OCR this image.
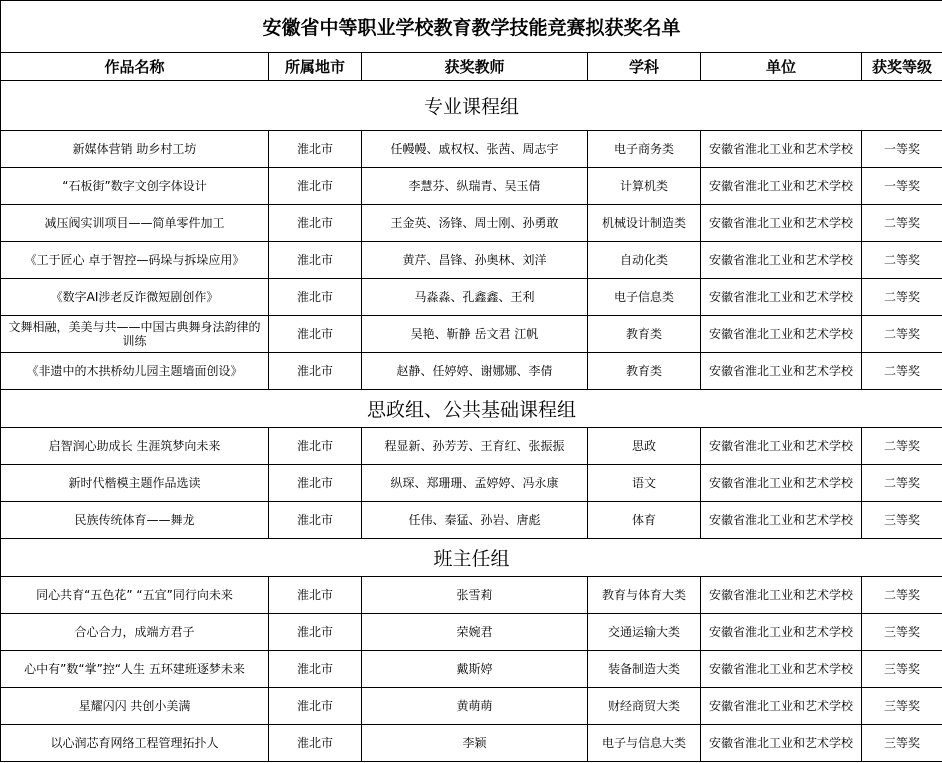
安徽省中等职业学校教育教学技能竞赛拟获奖名单					
作品名称	所属地市	获奖教师	学科	单位	获奖等级
专业课程组					
新媒体营销 助乡村工坊	淮北市	任幔幔、戚权权、张茜、周志宇	电子商务类	安徽省淮北工业和艺术学校	一等奖
“石板街”数字文创字体设计	淮北市	李慧芬、纵瑞青、吴玉倩	计算机类	安徽省淮北工业和艺术学校	一等奖
减压阀实训项目——简单零件加工	淮北市	王金英、汤锋、周士刚、孙勇敢	机械设计制造类	安徽省淮北工业和艺术学校	二等奖
《工于匠心 卓于智控—码垛与拆垛应用》	淮北市	黄芹、昌锋、孙奥林、刘洋	自动化类	安徽省淮北工业和艺术学校	二等奖
《数字AI涉老反诈微短剧创作》	淮北市	马淼淼、孔鑫鑫、王利	电子信息类	安徽省淮北工业和艺术学校	二等奖
文舞相融，美美与共——中国古典舞身法韵律的训练	淮北市	吴艳、靳静 岳文君 江帆	教育类	安徽省淮北工业和艺术学校	二等奖
《非遗中的木拱桥幼儿园主题墙面创设》	淮北市	赵静、任婷婷、谢娜娜、李倩	教育类	安徽省淮北工业和艺术学校	二等奖
思政组、公共基础课程组					
启智润心助成长 生涯筑梦向未来	淮北市	程显新、孙芳芳、王育红、张振振	思政	安徽省淮北工业和艺术学校	二等奖
新时代楷模主题作品选读	淮北市	纵琛、郑珊珊、孟婷婷、冯永康	语文	安徽省淮北工业和艺术学校	二等奖
民族传统体育——舞龙	淮北市	任伟、秦猛、孙岩、唐彪	体育	安徽省淮北工业和艺术学校	三等奖
班主任组					
同心共育“五色花” “五宜”同行向未来	淮北市	张雪莉	教育与体育大类	安徽省淮北工业和艺术学校	二等奖
合心合力，成端方君子	淮北市	荣婉君	交通运输大类	安徽省淮北工业和艺术学校	三等奖
心中有”数“掌”控“人生 五环建班逐梦未来	淮北市	戴斯婷	装备制造大类	安徽省淮北工业和艺术学校	三等奖
星耀闪闪 共创小美满	淮北市	黄萌萌	财经商贸大类	安徽省淮北工业和艺术学校	三等奖
以心润芯育网络工程管理拓扑人	淮北市	李颖	电子与信息大类	安徽省淮北工业和艺术学校	三等奖
